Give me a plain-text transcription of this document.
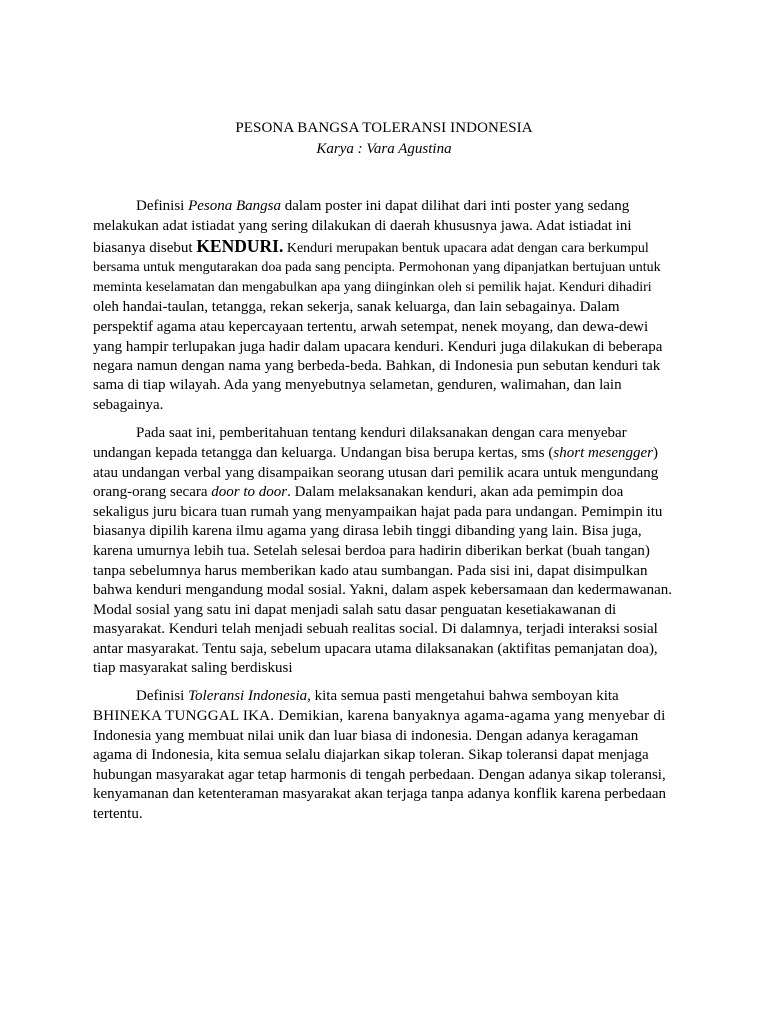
PESONA BANGSA TOLERANSI INDONESIA
Karya : Vara Agustina
Definisi Pesona Bangsa dalam poster ini dapat dilihat dari inti poster yang sedang
melakukan adat istiadat yang sering dilakukan di daerah khususnya jawa. Adat istiadat ini
biasanya disebut KENDURI. Kenduri merupakan bentuk upacara adat dengan cara berkumpul
bersama untuk mengutarakan doa pada sang pencipta. Permohonan yang dipanjatkan bertujuan untuk
meminta keselamatan dan mengabulkan apa yang diinginkan oleh si pemilik hajat. Kenduri dihadiri
oleh handai-taulan, tetangga, rekan sekerja, sanak keluarga, dan lain sebagainya. Dalam
perspektif agama atau kepercayaan tertentu, arwah setempat, nenek moyang, dan dewa-dewi
yang hampir terlupakan juga hadir dalam upacara kenduri. Kenduri juga dilakukan di beberapa
negara namun dengan nama yang berbeda-beda. Bahkan, di Indonesia pun sebutan kenduri tak
sama di tiap wilayah. Ada yang menyebutnya selametan, genduren, walimahan, dan lain
sebagainya.
Pada saat ini, pemberitahuan tentang kenduri dilaksanakan dengan cara menyebar
undangan kepada tetangga dan keluarga. Undangan bisa berupa kertas, sms (short mesengger)
atau undangan verbal yang disampaikan seorang utusan dari pemilik acara untuk mengundang
orang-orang secara door to door. Dalam melaksanakan kenduri, akan ada pemimpin doa
sekaligus juru bicara tuan rumah yang menyampaikan hajat pada para undangan. Pemimpin itu
biasanya dipilih karena ilmu agama yang dirasa lebih tinggi dibanding yang lain. Bisa juga,
karena umurnya lebih tua. Setelah selesai berdoa para hadirin diberikan berkat (buah tangan)
tanpa sebelumnya harus memberikan kado atau sumbangan. Pada sisi ini, dapat disimpulkan
bahwa kenduri mengandung modal sosial. Yakni, dalam aspek kebersamaan dan kedermawanan.
Modal sosial yang satu ini dapat menjadi salah satu dasar penguatan kesetiakawanan di
masyarakat. Kenduri telah menjadi sebuah realitas social. Di dalamnya, terjadi interaksi sosial
antar masyarakat. Tentu saja, sebelum upacara utama dilaksanakan (aktifitas pemanjatan doa),
tiap masyarakat saling berdiskusi
Definisi Toleransi Indonesia, kita semua pasti mengetahui bahwa semboyan kita
BHINEKA TUNGGAL IKA. Demikian, karena banyaknya agama-agama yang menyebar di
Indonesia yang membuat nilai unik dan luar biasa di indonesia. Dengan adanya keragaman
agama di Indonesia, kita semua selalu diajarkan sikap toleran. Sikap toleransi dapat menjaga
hubungan masyarakat agar tetap harmonis di tengah perbedaan. Dengan adanya sikap toleransi,
kenyamanan dan ketenteraman masyarakat akan terjaga tanpa adanya konflik karena perbedaan
tertentu.
